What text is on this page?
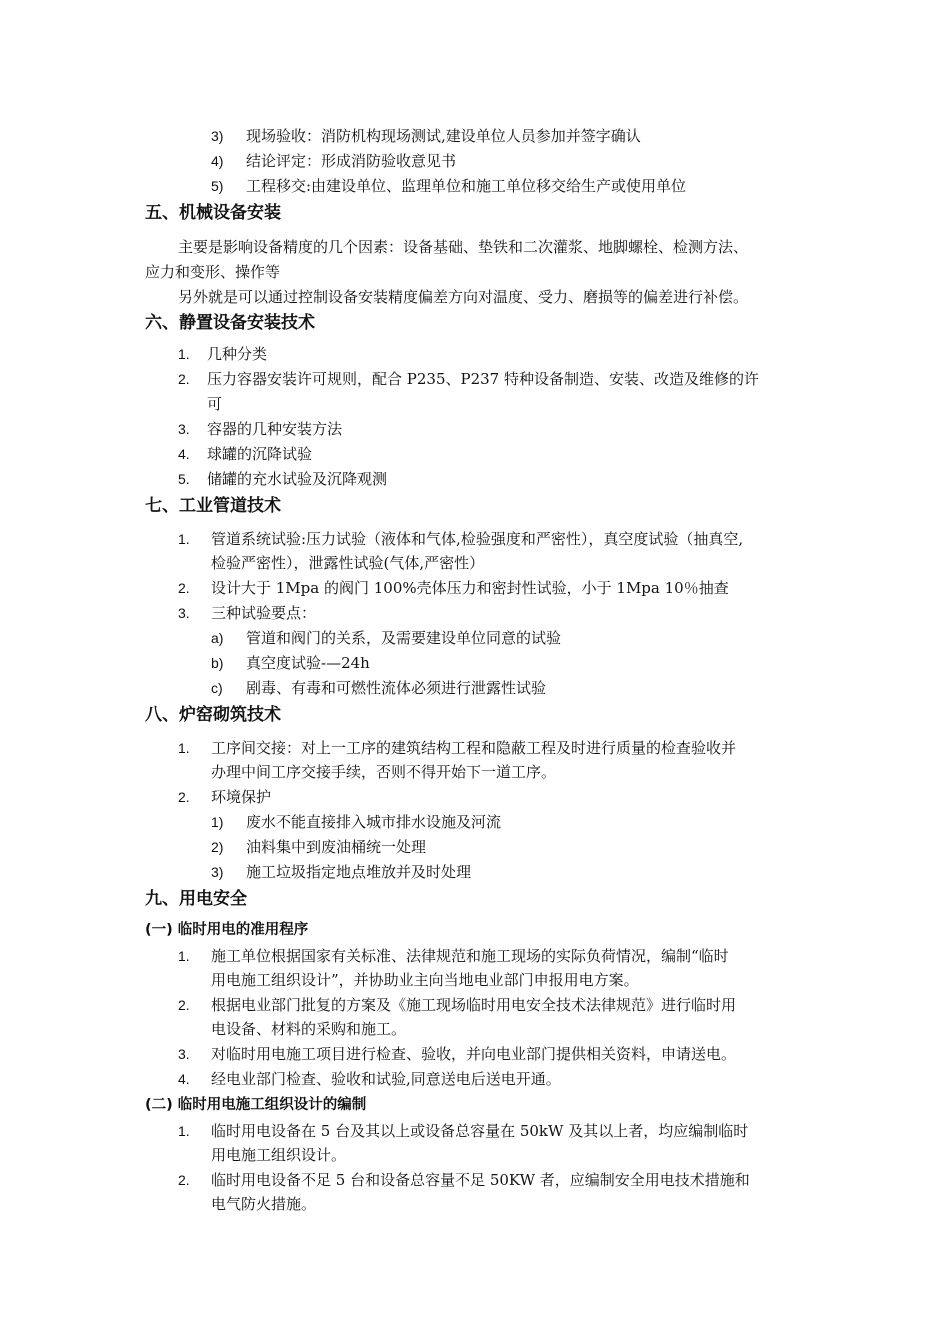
3) 现场验收：消防机构现场测试,建设单位人员参加并签字确认
4) 结论评定：形成消防验收意见书
5) 工程移交:由建设单位、监理单位和施工单位移交给生产或使用单位
五、机械设备安装
主要是影响设备精度的几个因素：设备基础、垫铁和二次灌浆、地脚螺栓、检测方法、
应力和变形、操作等
另外就是可以通过控制设备安装精度偏差方向对温度、受力、磨损等的偏差进行补偿。
六、静置设备安装技术
1. 几种分类
2. 压力容器安装许可规则，配合 P235、P237 特种设备制造、安装、改造及维修的许
可
3. 容器的几种安装方法
4. 球罐的沉降试验
5. 储罐的充水试验及沉降观测
七、工业管道技术
1. 管道系统试验:压力试验（液体和气体,检验强度和严密性），真空度试验（抽真空,
检验严密性），泄露性试验(气体,严密性）
2. 设计大于 1Mpa 的阀门 100%壳体压力和密封性试验，小于 1Mpa 10％抽查
3. 三种试验要点：
a) 管道和阀门的关系，及需要建设单位同意的试验
b) 真空度试验-—24h
c) 剧毒、有毒和可燃性流体必须进行泄露性试验
八、炉窑砌筑技术
1. 工序间交接：对上一工序的建筑结构工程和隐蔽工程及时进行质量的检查验收并
办理中间工序交接手续，否则不得开始下一道工序。
2. 环境保护
1) 废水不能直接排入城市排水设施及河流
2) 油料集中到废油桶统一处理
3) 施工垃圾指定地点堆放并及时处理
九、用电安全
(一) 临时用电的准用程序
1. 施工单位根据国家有关标准、法律规范和施工现场的实际负荷情况，编制“临时
用电施工组织设计”，并协助业主向当地电业部门申报用电方案。
2. 根据电业部门批复的方案及《施工现场临时用电安全技术法律规范》进行临时用
电设备、材料的采购和施工。
3. 对临时用电施工项目进行检查、验收，并向电业部门提供相关资料，申请送电。
4. 经电业部门检查、验收和试验,同意送电后送电开通。
(二) 临时用电施工组织设计的编制
1. 临时用电设备在 5 台及其以上或设备总容量在 50kW 及其以上者，均应编制临时
用电施工组织设计。
2. 临时用电设备不足 5 台和设备总容量不足 50KW 者，应编制安全用电技术措施和
电气防火措施。
